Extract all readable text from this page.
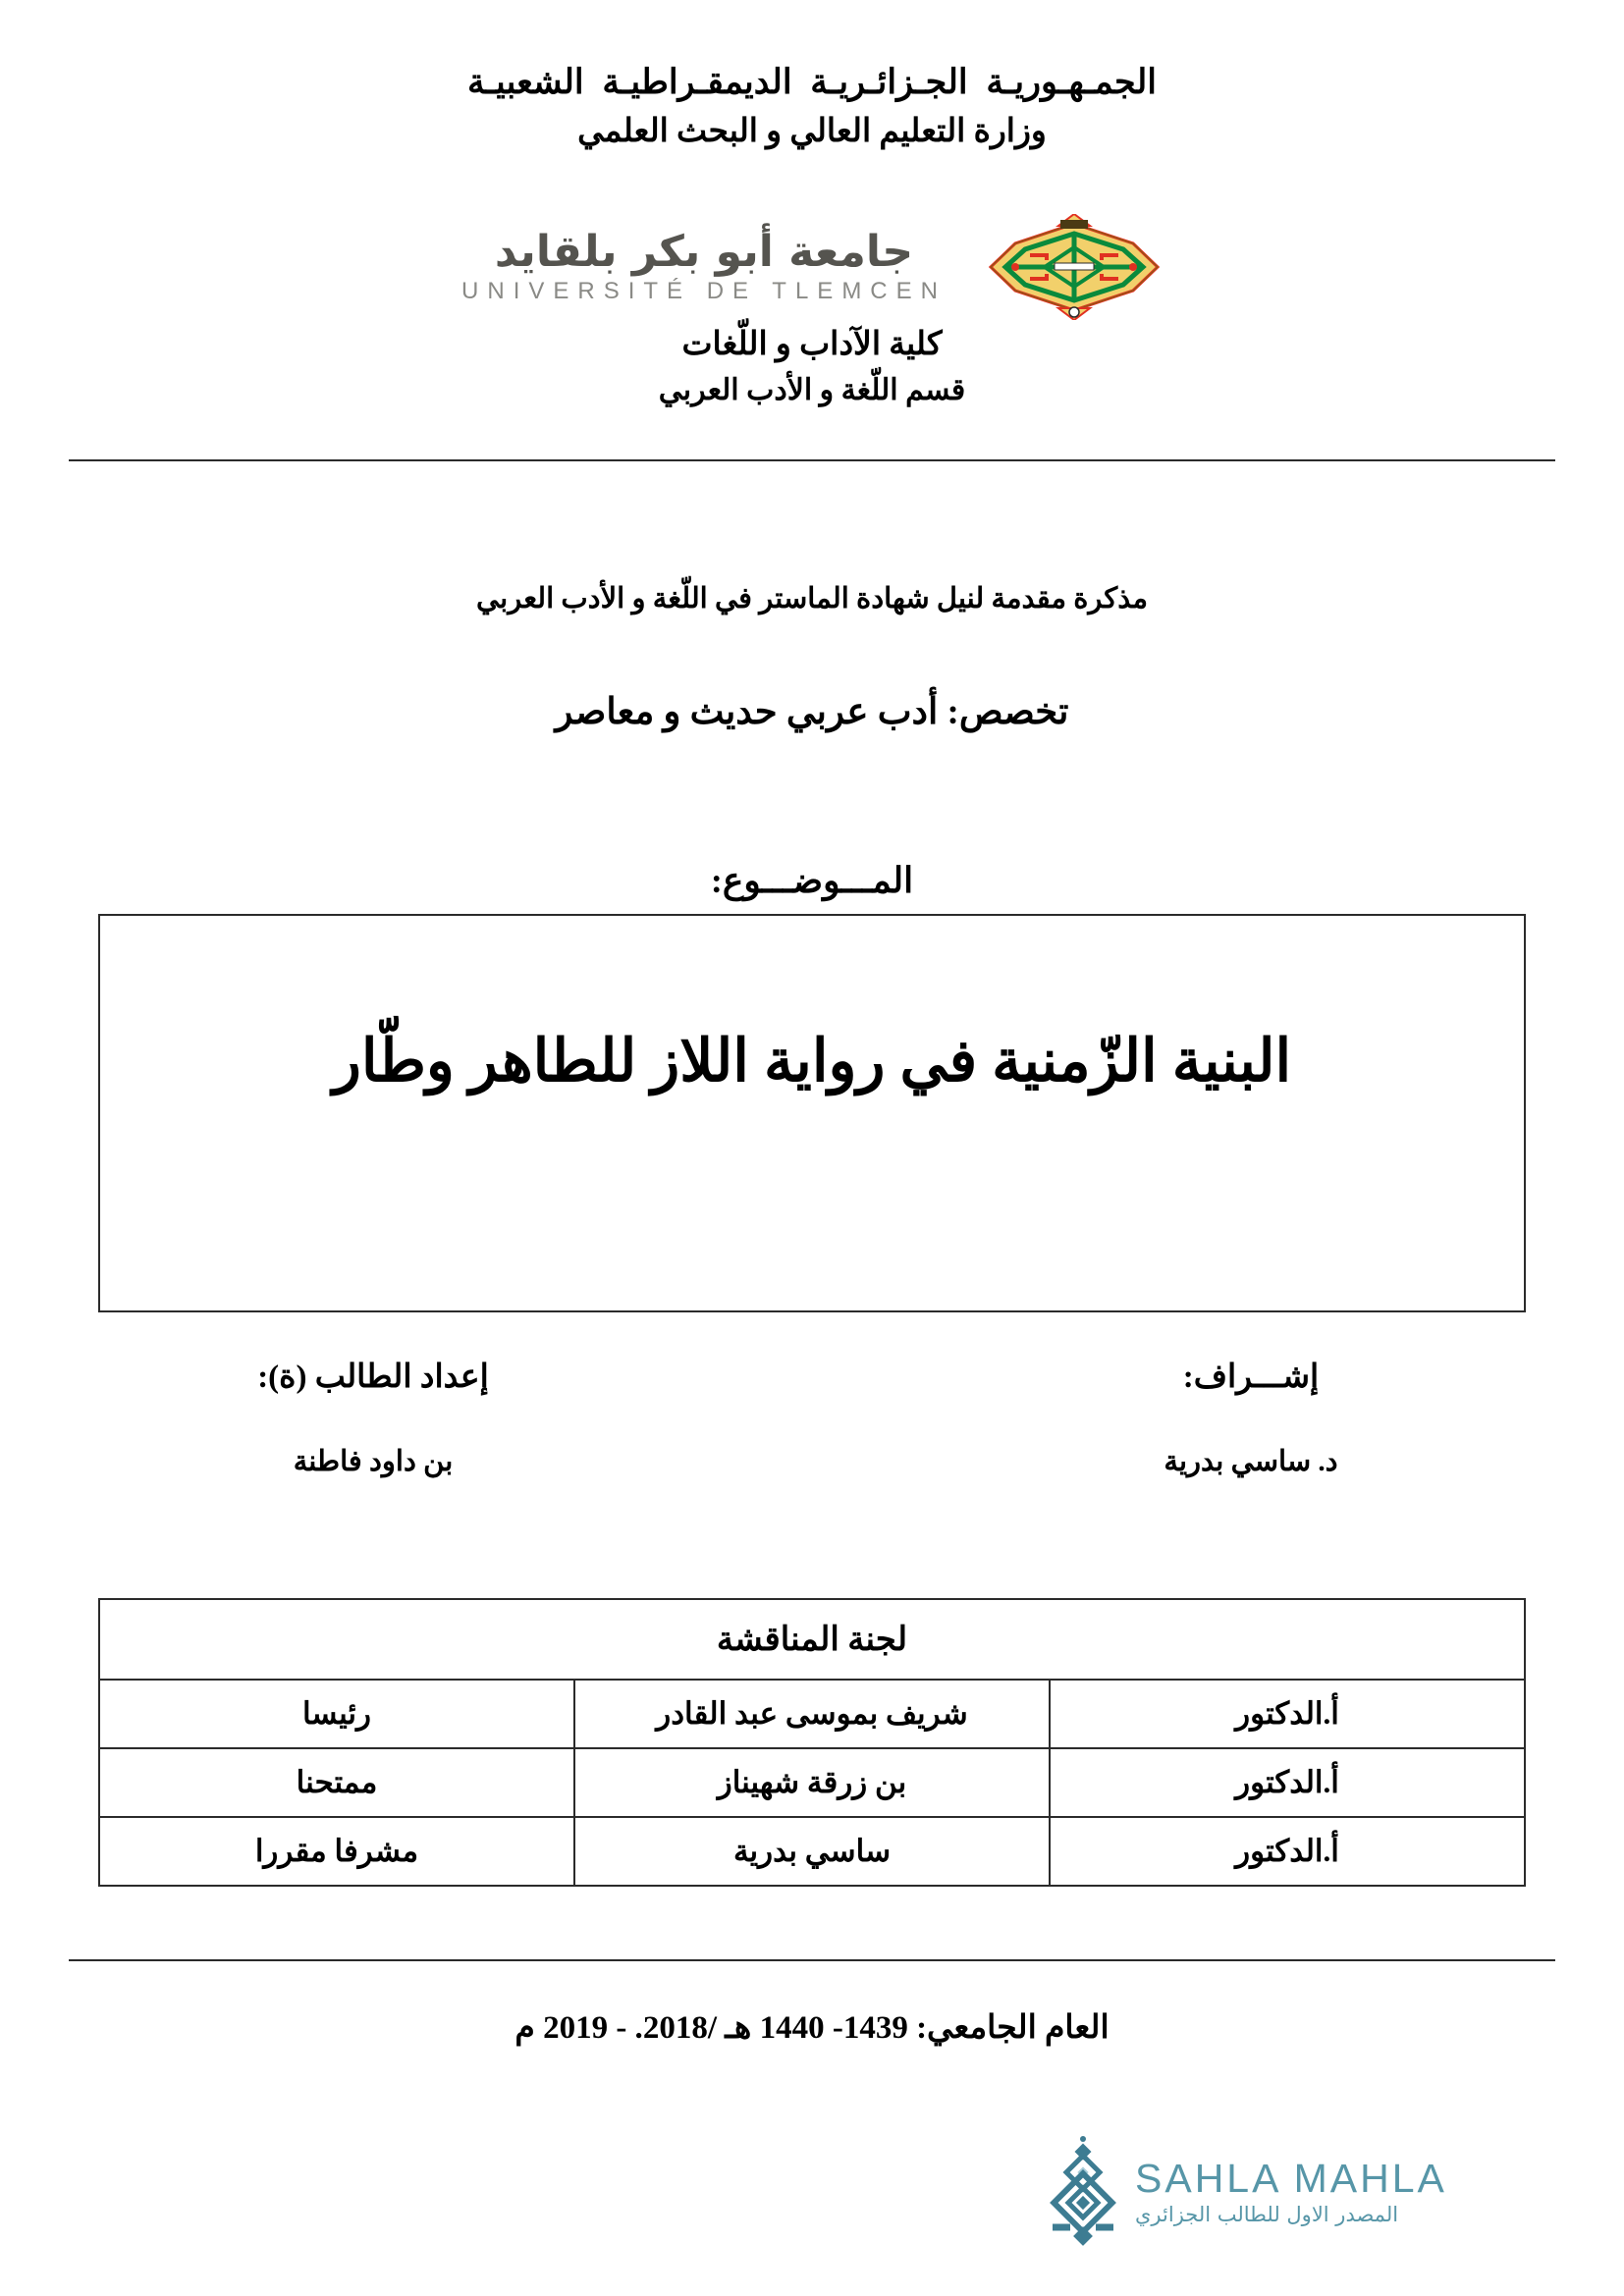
الجمـهـوريـة الجـزائـريـة الديمقـراطيـة الشعبيـة
وزارة التعليم العالي و البحث العلمي
جامعة أبو بكر بلقايد
UNIVERSITÉ DE TLEMCEN
كلية الآداب و اللّغات
قسم اللّغة و الأدب العربي
مذكرة مقدمة لنيل شهادة الماستر في اللّغة و الأدب العربي
تخصص: أدب عربي حديث و معاصر
المـــوضـــوع:
البنية الزّمنية في رواية اللاز للطاهر وطّار
إشـــراف:
د. ساسي بدرية
إعداد الطالب (ة):
بن داود فاطنة
لجنة المناقشة		
أ.الدكتور	شريف بموسى عبد القادر	رئيسا
أ.الدكتور	بن زرقة شهيناز	ممتحنا
أ.الدكتور	ساسي بدرية	مشرفا مقررا
العام الجامعي: 1439- 1440 هـ /2018. - 2019 م
SAHLA MAHLA
المصدر الاول للطالب الجزائري
